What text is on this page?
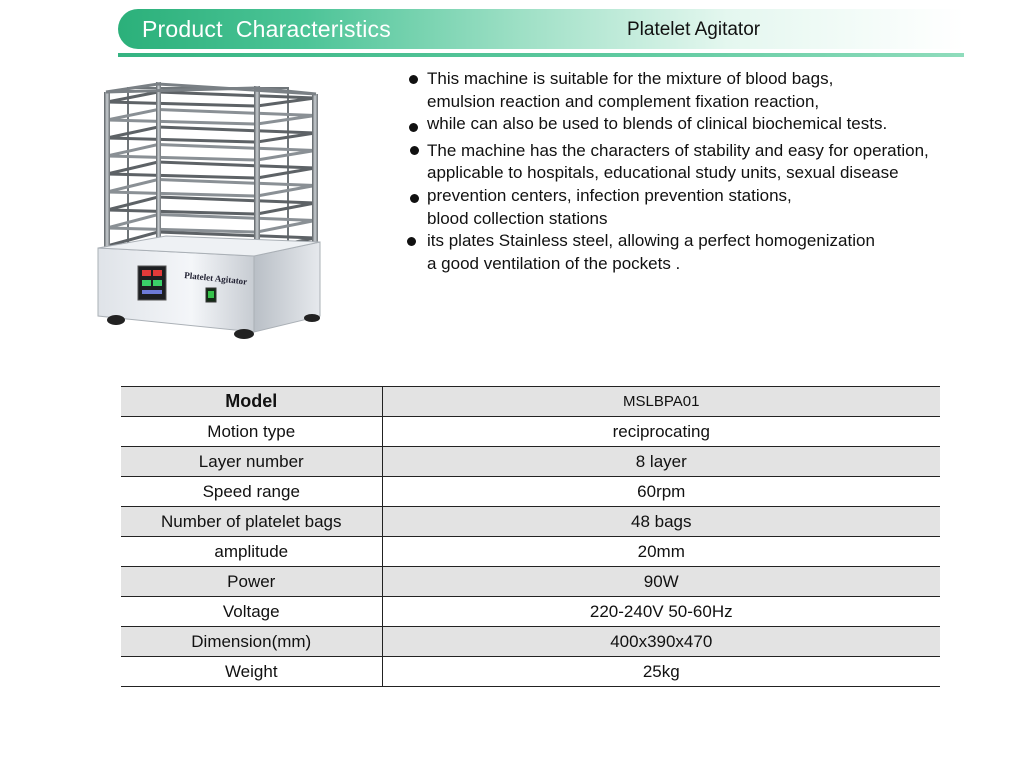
Product  Characteristics	Platelet Agitator
Platelet Agitator
This machine is suitable for the mixture of blood bags,
emulsion reaction and complement fixation reaction,
while can also be used to blends of clinical biochemical tests.
The machine has the characters of stability and easy for operation,
applicable to hospitals, educational study units, sexual disease
prevention centers, infection prevention stations,
blood collection stations
its plates Stainless steel, allowing a perfect homogenization
a good ventilation of the pockets .
Model	MSLBPA01
Motion type	reciprocating
Layer number	8 layer
Speed range	60rpm
Number of platelet bags	48 bags
amplitude	20mm
Power	90W
Voltage	220-240V 50-60Hz
Dimension(mm)	400x390x470
Weight	25kg
